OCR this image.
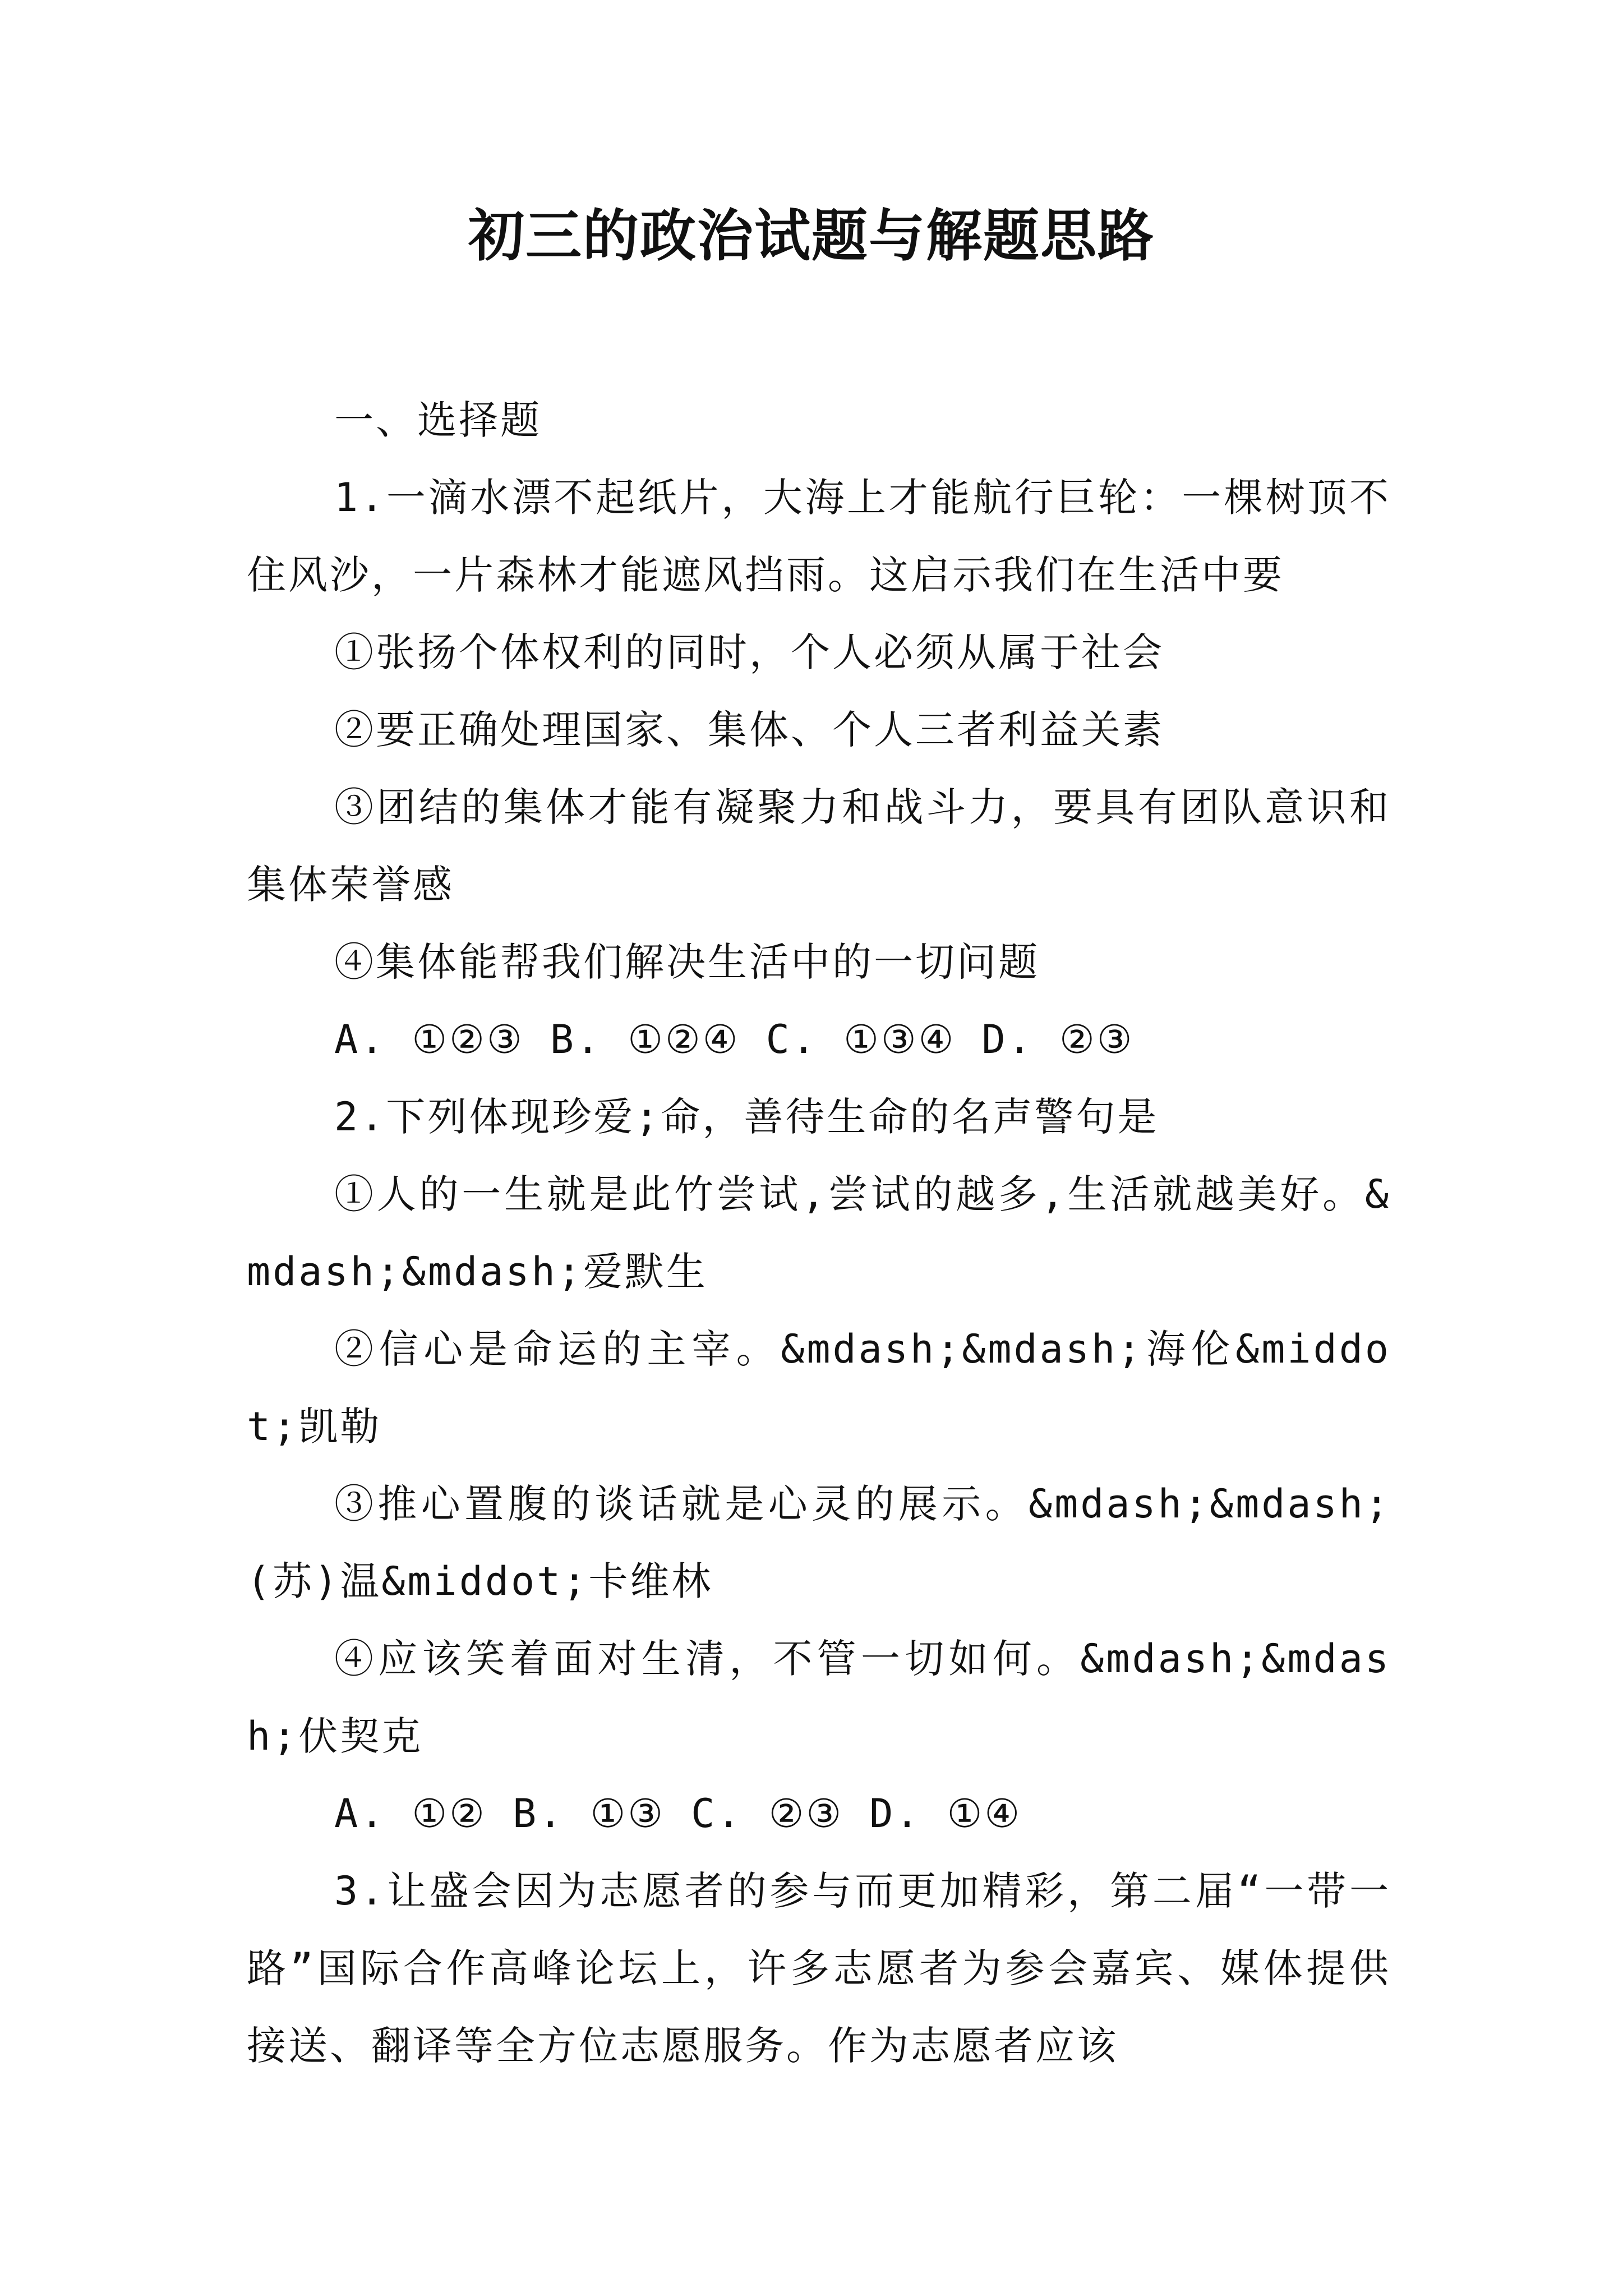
初三的政治试题与解题思路

一、选择题

1.一滴水漂不起纸片，大海上才能航行巨轮：一棵树顶不住风沙，一片森林才能遮风挡雨。这启示我们在生活中要

①张扬个体权利的同时，个人必须从属于社会

②要正确处理国家、集体、个人三者利益关素

③团结的集体才能有凝聚力和战斗力，要具有团队意识和集体荣誉感

④集体能帮我们解决生活中的一切问题

A. ①②③ B. ①②④ C. ①③④ D. ②③

2.下列体现珍爱;命，善待生命的名声警句是

①人的一生就是此竹尝试,尝试的越多,生活就越美好。&mdash;&mdash;爱默生

②信心是命运的主宰。&mdash;&mdash;海伦&middot;凯勒

③推心置腹的谈话就是心灵的展示。&mdash;&mdash;(苏)温&middot;卡维林

④应该笑着面对生清，不管一切如何。&mdash;&mdash;伏契克

A. ①② B. ①③ C. ②③ D. ①④

3.让盛会因为志愿者的参与而更加精彩，第二届“一带一路”国际合作高峰论坛上，许多志愿者为参会嘉宾、媒体提供接送、翻译等全方位志愿服务。作为志愿者应该
